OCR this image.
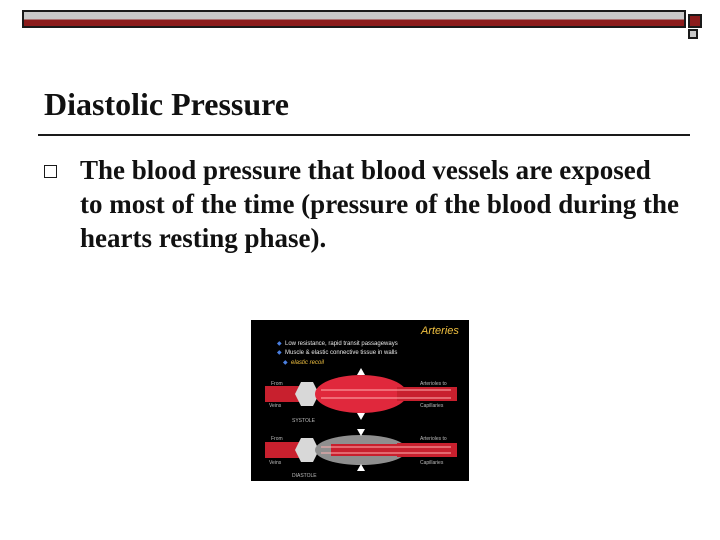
Diastolic Pressure
The blood pressure that blood vessels are exposed to most of the time (pressure of the blood during the hearts resting phase).
Arteries
◆ Low resistance, rapid transit passageways
◆ Muscle & elastic connective tissue in walls
◆ elastic recoil
From
Veins
Arterioles to
Capillaries
SYSTOLE
From
Veins
Arterioles to
Capillaries
DIASTOLE
